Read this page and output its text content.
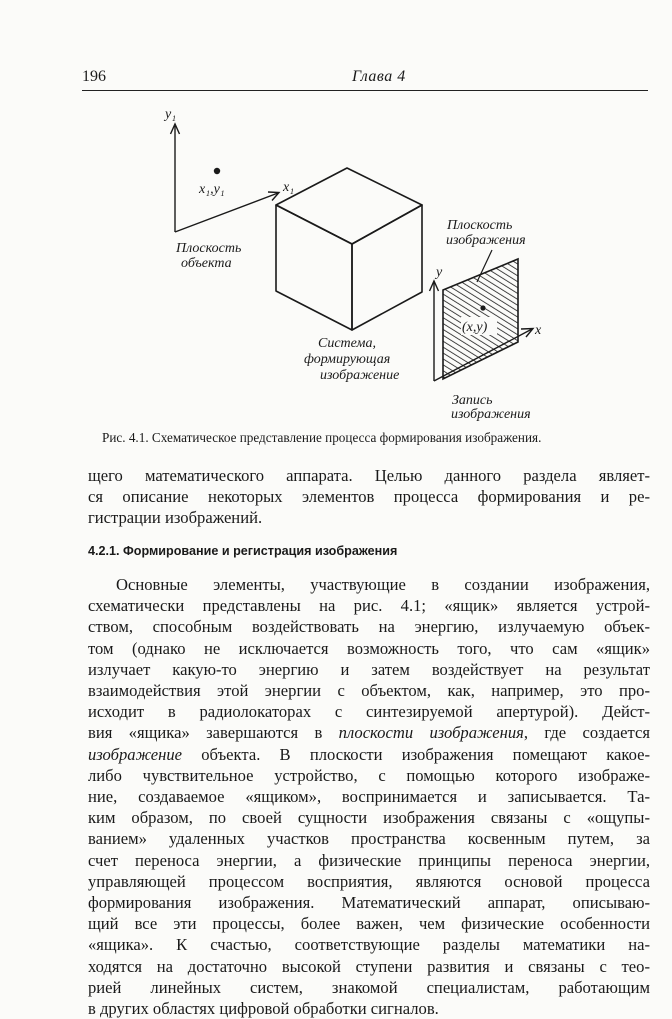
196	Глава 4
y₁
x₁
x₁,y₁
Плоскость
объекта
Система,
формирующая
изображение
Плоскость
изображения
(x,y)
y
x
Запись
изображения
Рис. 4.1. Схематическое представление процесса формирования изображения.
щего математического аппарата. Целью данного раздела являет-
ся описание некоторых элементов процесса формирования и ре-
гистрации изображений.
4.2.1. Формирование и регистрация изображения
Основные элементы, участвующие в создании изображения,
схематически представлены на рис. 4.1; «ящик» является устрой-
ством, способным воздействовать на энергию, излучаемую объек-
том (однако не исключается возможность того, что сам «ящик»
излучает какую-то энергию и затем воздействует на результат
взаимодействия этой энергии с объектом, как, например, это про-
исходит в радиолокаторах с синтезируемой апертурой). Дейст-
вия «ящика» завершаются в плоскости изображения, где создается
изображение объекта. В плоскости изображения помещают какое-
либо чувствительное устройство, с помощью которого изображе-
ние, создаваемое «ящиком», воспринимается и записывается. Та-
ким образом, по своей сущности изображения связаны с «ощупы-
ванием» удаленных участков пространства косвенным путем, за
счет переноса энергии, а физические принципы переноса энергии,
управляющей процессом восприятия, являются основой процесса
формирования изображения. Математический аппарат, описываю-
щий все эти процессы, более важен, чем физические особенности
«ящика». К счастью, соответствующие разделы математики на-
ходятся на достаточно высокой ступени развития и связаны с тео-
рией линейных систем, знакомой специалистам, работающим
в других областях цифровой обработки сигналов.
